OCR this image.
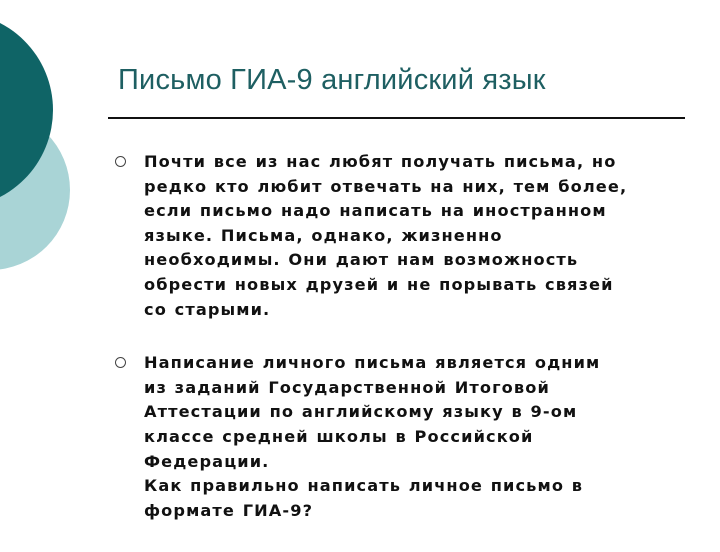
Письмо ГИА-9 английский язык
Почти все из нас любят получать письма, но
редко кто любит отвечать на них, тем более,
если письмо надо написать на иностранном
языке. Письма, однако, жизненно
необходимы. Они дают нам возможность
обрести новых друзей и не порывать связей
со старыми.
Написание личного письма является одним
из заданий Государственной Итоговой
Аттестации по английскому языку в 9-ом
классе средней школы в Российской
Федерации.
Как правильно написать личное письмо в
формате ГИА-9?
